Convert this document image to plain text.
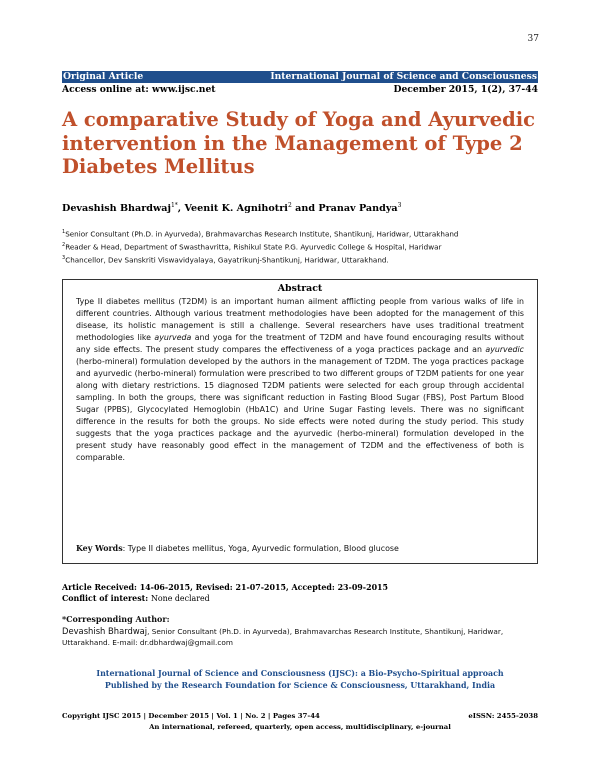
37
Original Article	International Journal of Science and Consciousness
Access online at: www.ijsc.net	December 2015, 1(2), 37-44
A comparative Study of Yoga and Ayurvedic intervention in the Management of Type 2 Diabetes Mellitus
Devashish Bhardwaj$^{1*}$, Veenit K. Agnihotri$^2$ and Pranav Pandya$^3$
$^1$Senior Consultant (Ph.D. in Ayurveda), Brahmavarchas Research Institute, Shantikunj, Haridwar, Uttarakhand
$^2$Reader & Head, Department of Swasthavritta, Rishikul State P.G. Ayurvedic College & Hospital, Haridwar
$^3$Chancellor, Dev Sanskriti Viswavidyalaya, Gayatrikunj-Shantikunj, Haridwar, Uttarakhand.
Abstract

Type II diabetes mellitus (T2DM) is an important human ailment afflicting people from various walks of life in different countries. Although various treatment methodologies have been adopted for the management of this disease, its holistic management is still a challenge. Several researchers have uses traditional treatment methodologies like ayurveda and yoga for the treatment of T2DM and have found encouraging results without any side effects. The present study compares the effectiveness of a yoga practices package and an ayurvedic (herbo-mineral) formulation developed by the authors in the management of T2DM. The yoga practices package and ayurvedic (herbo-mineral) formulation were prescribed to two different groups of T2DM patients for one year along with dietary restrictions. 15 diagnosed T2DM patients were selected for each group through accidental sampling. In both the groups, there was significant reduction in Fasting Blood Sugar (FBS), Post Partum Blood Sugar (PPBS), Glycocylated Hemoglobin (HbA1C) and Urine Sugar Fasting levels. There was no significant difference in the results for both the groups. No side effects were noted during the study period. This study suggests that the yoga practices package and the ayurvedic (herbo-mineral) formulation developed in the present study have reasonably good effect in the management of T2DM and the effectiveness of both is comparable.

Key Words: Type II diabetes mellitus, Yoga, Ayurvedic formulation, Blood glucose
Article Received: 14-06-2015, Revised: 21-07-2015, Accepted: 23-09-2015
Conflict of interest: None declared
*Corresponding Author:
Devashish Bhardwaj, Senior Consultant (Ph.D. in Ayurveda), Brahmavarchas Research Institute, Shantikunj, Haridwar, Uttarakhand. E-mail: dr.dbhardwaj@gmail.com
International Journal of Science and Consciousness (IJSC): a Bio-Psycho-Spiritual approach
Published by the Research Foundation for Science & Consciousness, Uttarakhand, India
Copyright IJSC 2015 | December 2015 | Vol. 1 | No. 2 | Pages 37-44	eISSN: 2455-2038
An international, refereed, quarterly, open access, multidisciplinary, e-journal
